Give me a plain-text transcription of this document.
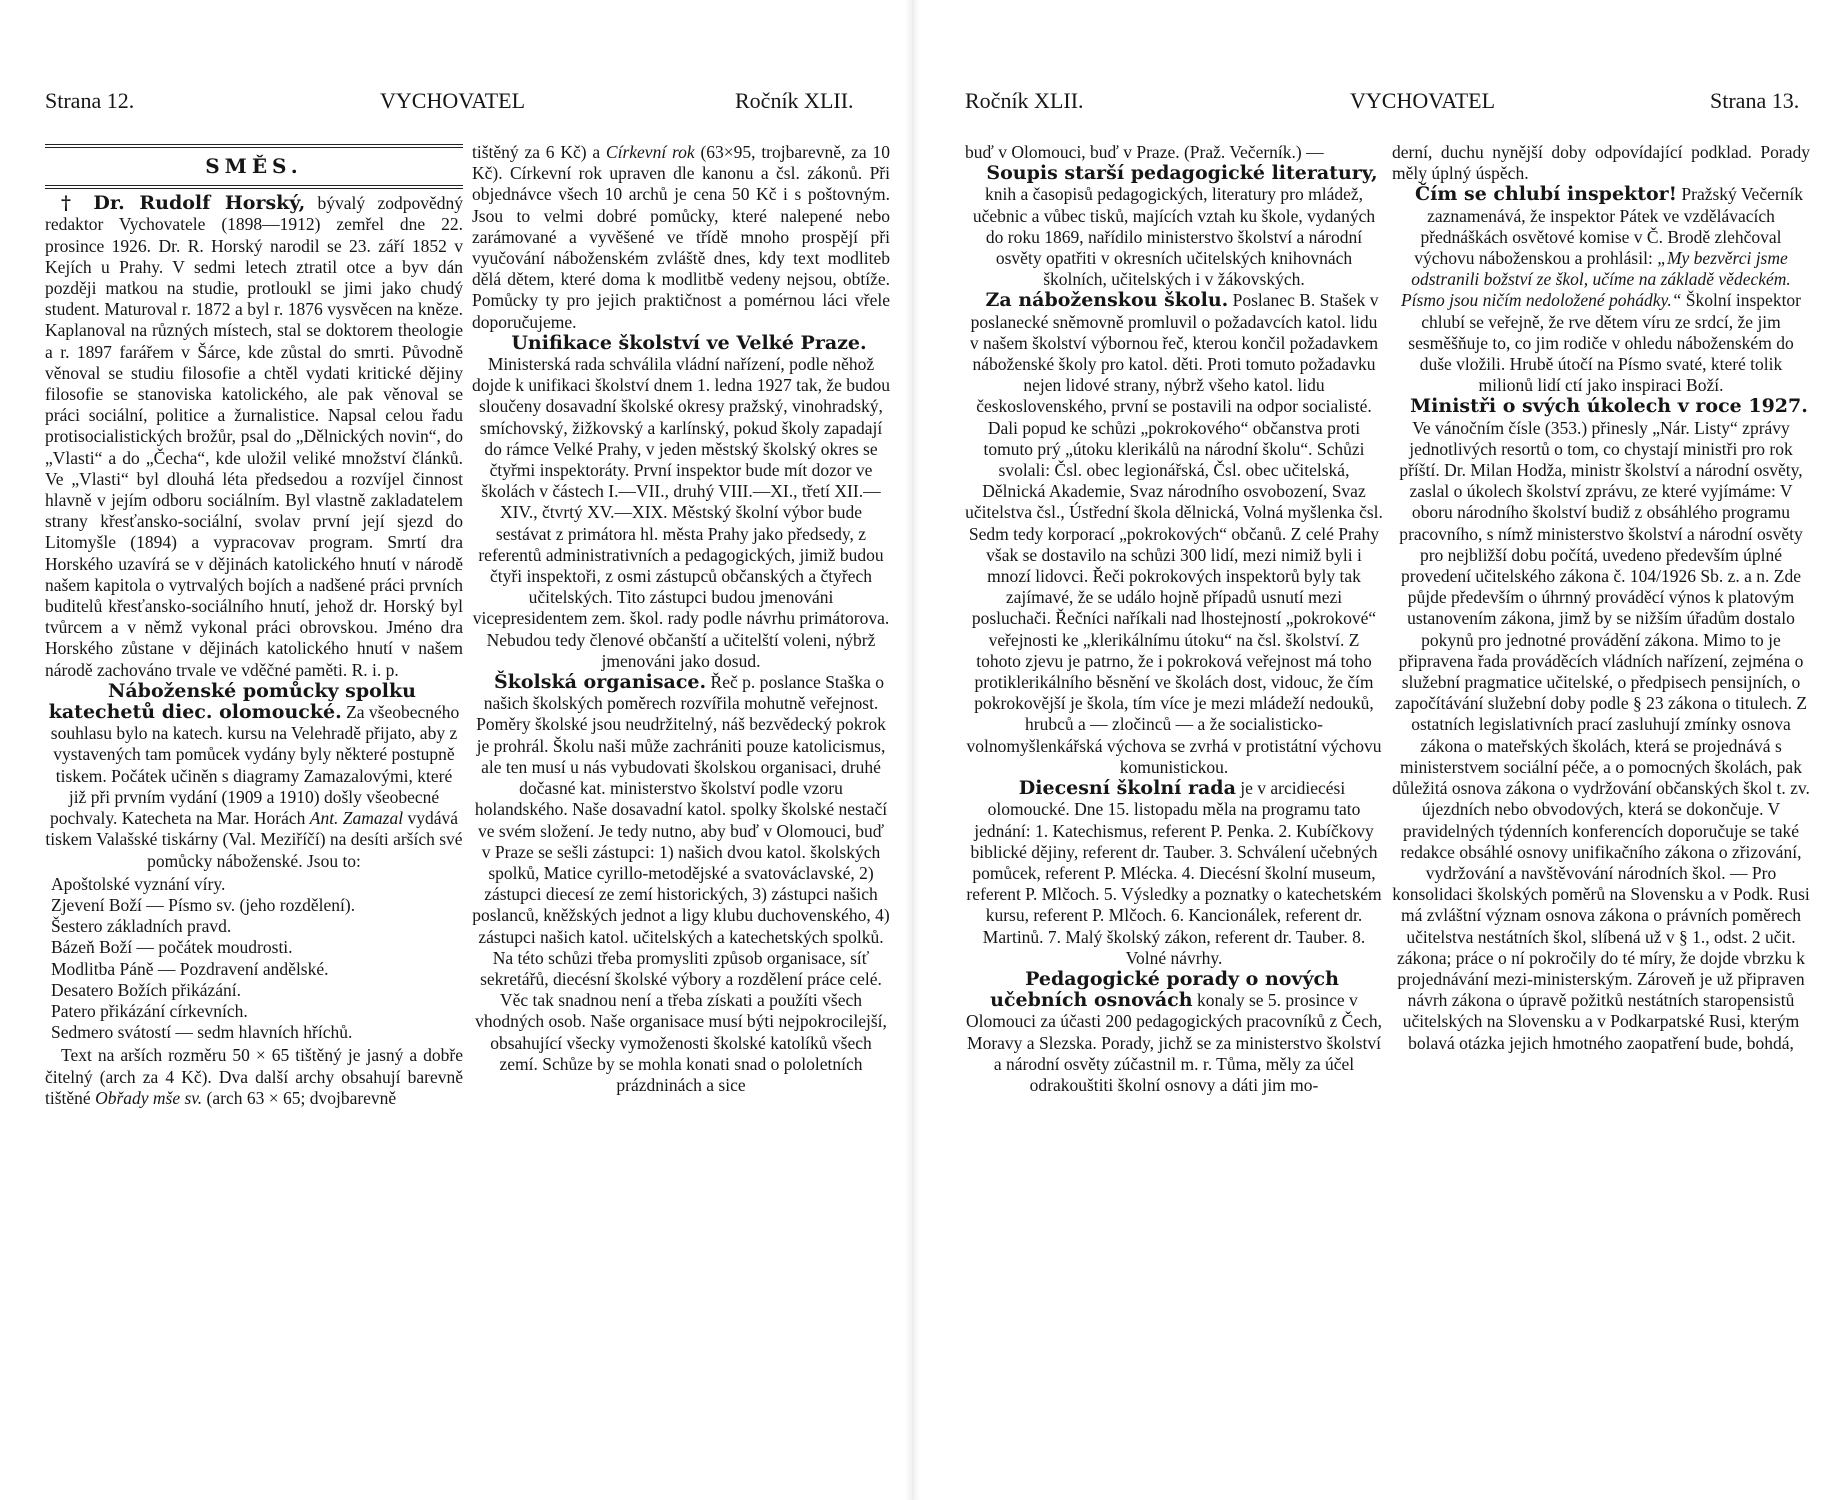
Strana 12.	VYCHOVATEL	Ročník XLII.
SMĚS.

† Dr. Rudolf Horský, bývalý zodpovědný redaktor Vychovatele (1898—1912) zemřel dne 22. prosince 1926. Dr. R. Horský narodil se 23. září 1852 v Kejích u Prahy. V sedmi letech ztratil otce a byv dán později matkou na studie, protloukl se jimi jako chudý student. Maturoval r. 1872 a byl r. 1876 vysvěcen na kněze. Kaplanoval na různých místech, stal se doktorem theologie a r. 1897 farářem v Šárce, kde zůstal do smrti. Původně věnoval se studiu filosofie a chtěl vydati kritické dějiny filosofie se stanoviska katolického, ale pak věnoval se práci sociální, politice a žurnalistice. Napsal celou řadu protisocialistických brožůr, psal do „Dělnických novin“, do „Vlasti“ a do „Čecha“, kde uložil veliké množství článků. Ve „Vlasti“ byl dlouhá léta předsedou a rozvíjel činnost hlavně v jejím odboru sociálním. Byl vlastně zakladatelem strany křesťansko-sociální, svolav první její sjezd do Litomyšle (1894) a vypracovav program. Smrtí dra Horského uzavírá se v dějinách katolického hnutí v národě našem kapitola o vytrvalých bojích a nadšené práci prvních buditelů křesťansko-sociálního hnutí, jehož dr. Horský byl tvůrcem a v němž vykonal práci obrovskou. Jméno dra Horského zůstane v dějinách katolického hnutí v našem národě zachováno trvale ve vděčné paměti. R. i. p.

Náboženské pomůcky spolku katechetů diec. olomoucké. Za všeobecného souhlasu bylo na katech. kursu na Velehradě přijato, aby z vystavených tam pomůcek vydány byly některé postupně tiskem. Počátek učiněn s diagramy Zamazalovými, které již při prvním vydání (1909 a 1910) došly všeobecné pochvaly. Katecheta na Mar. Horách Ant. Zamazal vydává tiskem Valašské tiskárny (Val. Meziříčí) na desíti arších své pomůcky náboženské. Jsou to:

Apoštolské vyznání víry.
Zjevení Boží — Písmo sv. (jeho rozdělení).
Šestero základních pravd.
Bázeň Boží — počátek moudrosti.
Modlitba Páně — Pozdravení andělské.
Desatero Božích přikázání.
Patero přikázání církevních.
Sedmero svátostí — sedm hlavních hříchů.

Text na arších rozměru 50 × 65 tištěný je jasný a dobře čitelný (arch za 4 Kč). Dva další archy obsahují barevně tištěné Obřady mše sv. (arch 63 × 65; dvojbarevně

tištěný za 6 Kč) a Církevní rok (63×95, trojbarevně, za 10 Kč). Církevní rok upraven dle kanonu a čsl. zákonů. Při objednávce všech 10 archů je cena 50 Kč i s poštovným. Jsou to velmi dobré pomůcky, které nalepené nebo zarámované a vyvěšené ve třídě mnoho prospějí při vyučování náboženském zvláště dnes, kdy text modliteb dělá dětem, které doma k modlitbě vedeny nejsou, obtíže. Pomůcky ty pro jejich praktičnost a pomérnou láci vřele doporučujeme.

Unifikace školství ve Velké Praze. Ministerská rada schválila vládní nařízení, podle něhož dojde k unifikaci školství dnem 1. ledna 1927 tak, že budou sloučeny dosavadní školské okresy pražský, vinohradský, smíchovský, žižkovský a karlínský, pokud školy zapadají do rámce Velké Prahy, v jeden městský školský okres se čtyřmi inspektoráty. První inspektor bude mít dozor ve školách v částech I.—VII., druhý VIII.—XI., třetí XII.—XIV., čtvrtý XV.—XIX. Městský školní výbor bude sestávat z primátora hl. města Prahy jako předsedy, z referentů administrativních a pedagogických, jimiž budou čtyři inspektoři, z osmi zástupců občanských a čtyřech učitelských. Tito zástupci budou jmenováni vicepresidentem zem. škol. rady podle návrhu primátorova. Nebudou tedy členové občanští a učitelští voleni, nýbrž jmenováni jako dosud.

Školská organisace. Řeč p. poslance Staška o našich školských poměrech rozvířila mohutně veřejnost. Poměry školské jsou neudržitelný, náš bezvědecký pokrok je prohrál. Školu naši může zachrániti pouze katolicismus, ale ten musí u nás vybudovati školskou organisaci, druhé dočasné kat. ministerstvo školství podle vzoru holandského. Naše dosavadní katol. spolky školské nestačí ve svém složení. Je tedy nutno, aby buď v Olomouci, buď v Praze se sešli zástupci: 1) našich dvou katol. školských spolků, Matice cyrillo-metodějské a svatováclavské, 2) zástupci diecesí ze zemí historických, 3) zástupci našich poslanců, kněžských jednot a ligy klubu duchovenského, 4) zástupci našich katol. učitelských a katechetských spolků. Na této schůzi třeba promysliti způsob organisace, síť sekretářů, diecésní školské výbory a rozdělení práce celé. Věc tak snadnou není a třeba získati a použíti všech vhodných osob. Naše organisace musí býti nejpokrocilejší, obsahující všecky vymoženosti školské katolíků všech zemí. Schůze by se mohla konati snad o pololetních prázdninách a sice

Ročník XLII.	VYCHOVATEL	Strana 13.

buď v Olomouci, buď v Praze. (Praž. Večerník.) —

Soupis starší pedagogické literatury, knih a časopisů pedagogických, literatury pro mládež, učebnic a vůbec tisků, majících vztah ku škole, vydaných do roku 1869, nařídilo ministerstvo školství a národní osvěty opatřiti v okresních učitelských knihovnách školních, učitelských i v žákovských.

Za náboženskou školu. Poslanec B. Stašek v poslanecké sněmovně promluvil o požadavcích katol. lidu v našem školství výbornou řeč, kterou končil požadavkem náboženské školy pro katol. děti. Proti tomuto požadavku nejen lidové strany, nýbrž všeho katol. lidu československého, první se postavili na odpor socialisté. Dali popud ke schůzi „pokrokového“ občanstva proti tomuto prý „útoku klerikálů na národní školu“. Schůzi svolali: Čsl. obec legionářská, Čsl. obec učitelská, Dělnická Akademie, Svaz národního osvobození, Svaz učitelstva čsl., Ústřední škola dělnická, Volná myšlenka čsl. Sedm tedy korporací „pokrokových“ občanů. Z celé Prahy však se dostavilo na schůzi 300 lidí, mezi nimiž byli i mnozí lidovci. Řeči pokrokových inspektorů byly tak zajímavé, že se událo hojně případů usnutí mezi posluchači. Řečníci naříkali nad lhostejností „pokrokové“ veřejnosti ke „klerikálnímu útoku“ na čsl. školství. Z tohoto zjevu je patrno, že i pokroková veřejnost má toho protiklerikálního běsnění ve školách dost, vidouc, že čím pokrokovější je škola, tím více je mezi mládeží nedouků, hrubců a — zločinců — a že socialisticko-volnomyšlenkářská výchova se zvrhá v protistátní výchovu komunistickou.

Diecesní školní rada je v arcidiecési olomoucké. Dne 15. listopadu měla na programu tato jednání: 1. Katechismus, referent P. Penka. 2. Kubíčkovy biblické dějiny, referent dr. Tauber. 3. Schválení učebných pomůcek, referent P. Mlécka. 4. Diecésní školní museum, referent P. Mlčoch. 5. Výsledky a poznatky o katechetském kursu, referent P. Mlčoch. 6. Kancionálek, referent dr. Martinů. 7. Malý školský zákon, referent dr. Tauber. 8. Volné návrhy.

Pedagogické porady o nových učebních osnovách konaly se 5. prosince v Olomouci za účasti 200 pedagogických pracovníků z Čech, Moravy a Slezska. Porady, jichž se za ministerstvo školství a národní osvěty zúčastnil m. r. Tůma, měly za účel odrakouštiti školní osnovy a dáti jim mo-

derní, duchu nynější doby odpovídající podklad. Porady měly úplný úspěch.

Čím se chlubí inspektor! Pražský Večerník zaznamenává, že inspektor Pátek ve vzdělávacích přednáškách osvětové komise v Č. Brodě zlehčoval výchovu náboženskou a prohlásil: „My bezvěrci jsme odstranili božství ze škol, učíme na základě vědeckém. Písmo jsou ničím nedoložené pohádky.“ Školní inspektor chlubí se veřejně, že rve dětem víru ze srdcí, že jim sesměšňuje to, co jim rodiče v ohledu náboženském do duše vložili. Hrubě útočí na Písmo svaté, které tolik milionů lidí ctí jako inspiraci Boží.

Ministři o svých úkolech v roce 1927. Ve vánočním čísle (353.) přinesly „Nár. Listy“ zprávy jednotlivých resortů o tom, co chystají ministři pro rok příští. Dr. Milan Hodža, ministr školství a národní osvěty, zaslal o úkolech školství zprávu, ze které vyjímáme: V oboru národního školství budiž z obsáhlého programu pracovního, s nímž ministerstvo školství a národní osvěty pro nejbližší dobu počítá, uvedeno především úplné provedení učitelského zákona č. 104/1926 Sb. z. a n. Zde půjde především o úhrnný prováděcí výnos k platovým ustanovením zákona, jimž by se nižším úřadům dostalo pokynů pro jednotné provádění zákona. Mimo to je připravena řada prováděcích vládních nařízení, zejména o služební pragmatice učitelské, o předpisech pensijních, o započítávání služební doby podle § 23 zákona o titulech. Z ostatních legislativních prací zasluhují zmínky osnova zákona o mateřských školách, která se projednává s ministerstvem sociální péče, a o pomocných školách, pak důležitá osnova zákona o vydržování občanských škol t. zv. újezdních nebo obvodových, která se dokončuje. V pravidelných týdenních konferencích doporučuje se také redakce obsáhlé osnovy unifikačního zákona o zřizování, vydržování a navštěvování národních škol. — Pro konsolidaci školských poměrů na Slovensku a v Podk. Rusi má zvláštní význam osnova zákona o právních poměrech učitelstva nestátních škol, slíbená už v § 1., odst. 2 učit. zákona; práce o ní pokročily do té míry, že dojde vbrzku k projednávání mezi-ministerským. Zároveň je už připraven návrh zákona o úpravě požitků nestátních staropensistů učitelských na Slovensku a v Podkarpatské Rusi, kterým bolavá otázka jejich hmotného zaopatření bude, bohdá,
